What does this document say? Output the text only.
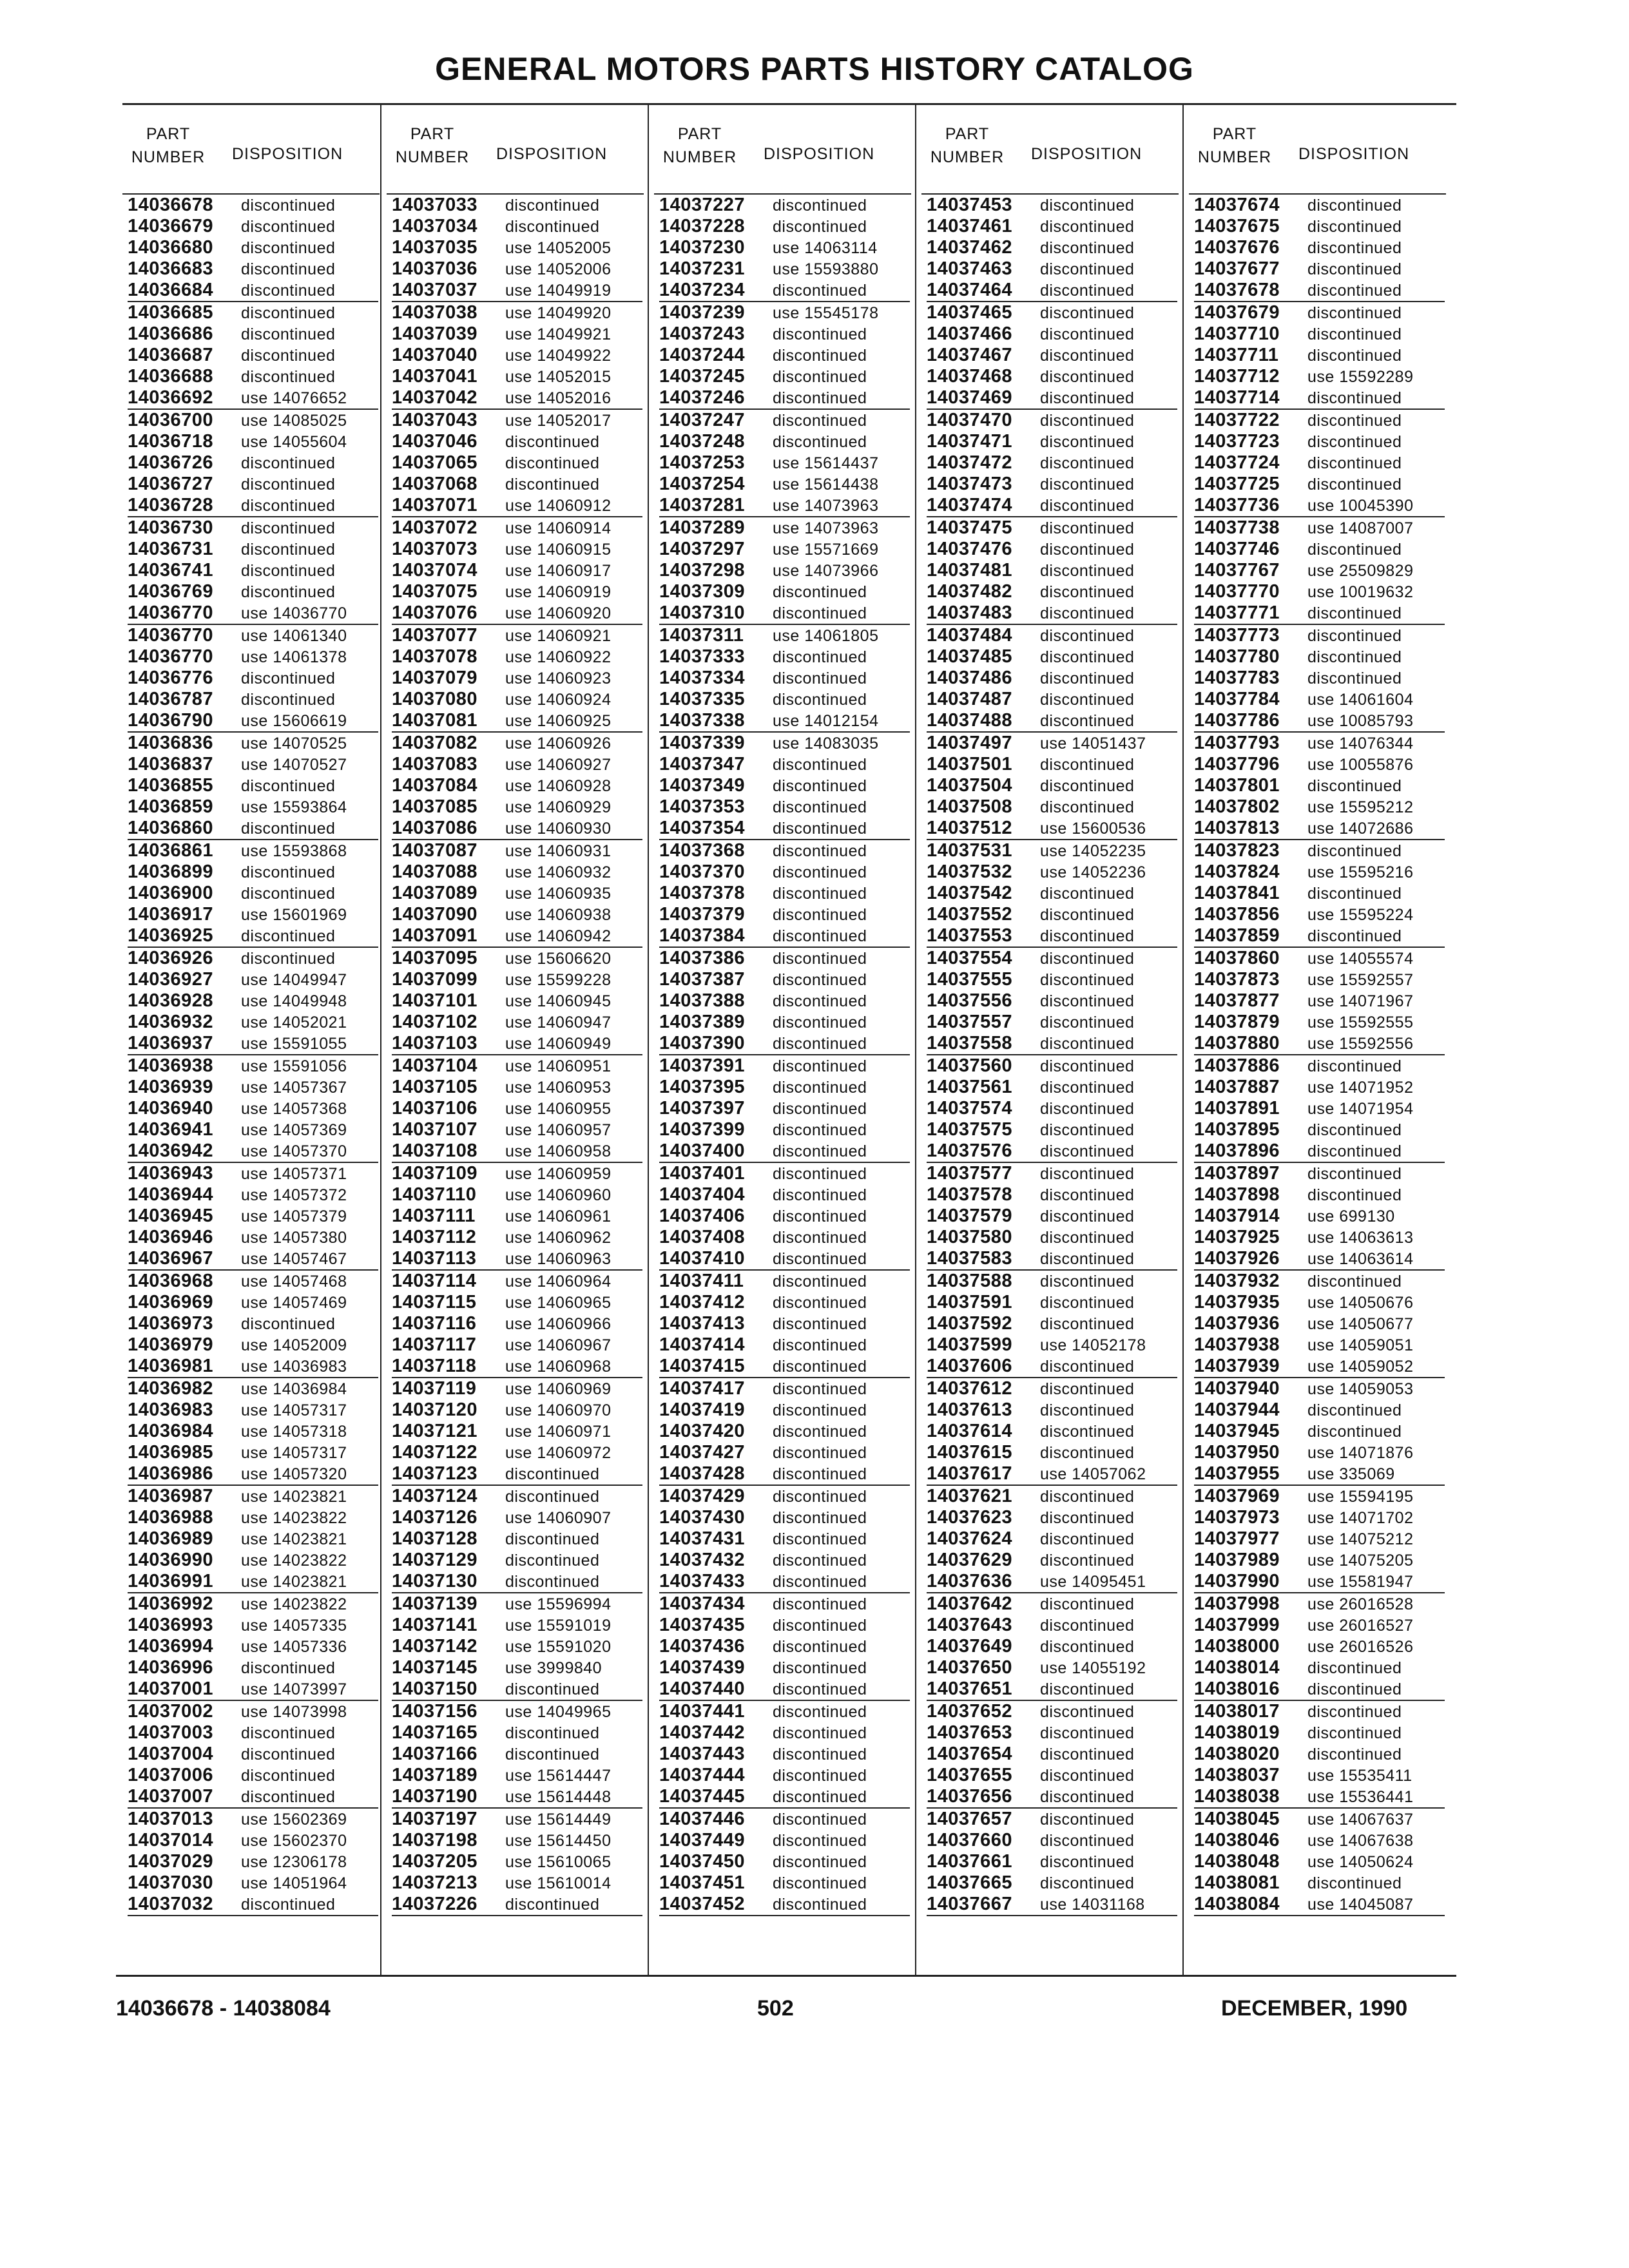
GENERAL MOTORS PARTS HISTORY CATALOG
PART
NUMBER	DISPOSITION
14036678 discontinued
14036679 discontinued
14036680 discontinued
14036683 discontinued
14036684 discontinued
14036685 discontinued
14036686 discontinued
14036687 discontinued
14036688 discontinued
14036692 use 14076652
14036700 use 14085025
14036718 use 14055604
14036726 discontinued
14036727 discontinued
14036728 discontinued
14036730 discontinued
14036731 discontinued
14036741 discontinued
14036769 discontinued
14036770 use 14036770
14036770 use 14061340
14036770 use 14061378
14036776 discontinued
14036787 discontinued
14036790 use 15606619
14036836 use 14070525
14036837 use 14070527
14036855 discontinued
14036859 use 15593864
14036860 discontinued
14036861 use 15593868
14036899 discontinued
14036900 discontinued
14036917 use 15601969
14036925 discontinued
14036926 discontinued
14036927 use 14049947
14036928 use 14049948
14036932 use 14052021
14036937 use 15591055
14036938 use 15591056
14036939 use 14057367
14036940 use 14057368
14036941 use 14057369
14036942 use 14057370
14036943 use 14057371
14036944 use 14057372
14036945 use 14057379
14036946 use 14057380
14036967 use 14057467
14036968 use 14057468
14036969 use 14057469
14036973 discontinued
14036979 use 14052009
14036981 use 14036983
14036982 use 14036984
14036983 use 14057317
14036984 use 14057318
14036985 use 14057317
14036986 use 14057320
14036987 use 14023821
14036988 use 14023822
14036989 use 14023821
14036990 use 14023822
14036991 use 14023821
14036992 use 14023822
14036993 use 14057335
14036994 use 14057336
14036996 discontinued
14037001 use 14073997
14037002 use 14073998
14037003 discontinued
14037004 discontinued
14037006 discontinued
14037007 discontinued
14037013 use 15602369
14037014 use 15602370
14037029 use 12306178
14037030 use 14051964
14037032 discontinued
PART
NUMBER	DISPOSITION
14037033 discontinued
14037034 discontinued
14037035 use 14052005
14037036 use 14052006
14037037 use 14049919
14037038 use 14049920
14037039 use 14049921
14037040 use 14049922
14037041 use 14052015
14037042 use 14052016
14037043 use 14052017
14037046 discontinued
14037065 discontinued
14037068 discontinued
14037071 use 14060912
14037072 use 14060914
14037073 use 14060915
14037074 use 14060917
14037075 use 14060919
14037076 use 14060920
14037077 use 14060921
14037078 use 14060922
14037079 use 14060923
14037080 use 14060924
14037081 use 14060925
14037082 use 14060926
14037083 use 14060927
14037084 use 14060928
14037085 use 14060929
14037086 use 14060930
14037087 use 14060931
14037088 use 14060932
14037089 use 14060935
14037090 use 14060938
14037091 use 14060942
14037095 use 15606620
14037099 use 15599228
14037101 use 14060945
14037102 use 14060947
14037103 use 14060949
14037104 use 14060951
14037105 use 14060953
14037106 use 14060955
14037107 use 14060957
14037108 use 14060958
14037109 use 14060959
14037110 use 14060960
14037111 use 14060961
14037112 use 14060962
14037113 use 14060963
14037114 use 14060964
14037115 use 14060965
14037116 use 14060966
14037117 use 14060967
14037118 use 14060968
14037119 use 14060969
14037120 use 14060970
14037121 use 14060971
14037122 use 14060972
14037123 discontinued
14037124 discontinued
14037126 use 14060907
14037128 discontinued
14037129 discontinued
14037130 discontinued
14037139 use 15596994
14037141 use 15591019
14037142 use 15591020
14037145 use 3999840
14037150 discontinued
14037156 use 14049965
14037165 discontinued
14037166 discontinued
14037189 use 15614447
14037190 use 15614448
14037197 use 15614449
14037198 use 15614450
14037205 use 15610065
14037213 use 15610014
14037226 discontinued
PART
NUMBER	DISPOSITION
14037227 discontinued
14037228 discontinued
14037230 use 14063114
14037231 use 15593880
14037234 discontinued
14037239 use 15545178
14037243 discontinued
14037244 discontinued
14037245 discontinued
14037246 discontinued
14037247 discontinued
14037248 discontinued
14037253 use 15614437
14037254 use 15614438
14037281 use 14073963
14037289 use 14073963
14037297 use 15571669
14037298 use 14073966
14037309 discontinued
14037310 discontinued
14037311 use 14061805
14037333 discontinued
14037334 discontinued
14037335 discontinued
14037338 use 14012154
14037339 use 14083035
14037347 discontinued
14037349 discontinued
14037353 discontinued
14037354 discontinued
14037368 discontinued
14037370 discontinued
14037378 discontinued
14037379 discontinued
14037384 discontinued
14037386 discontinued
14037387 discontinued
14037388 discontinued
14037389 discontinued
14037390 discontinued
14037391 discontinued
14037395 discontinued
14037397 discontinued
14037399 discontinued
14037400 discontinued
14037401 discontinued
14037404 discontinued
14037406 discontinued
14037408 discontinued
14037410 discontinued
14037411 discontinued
14037412 discontinued
14037413 discontinued
14037414 discontinued
14037415 discontinued
14037417 discontinued
14037419 discontinued
14037420 discontinued
14037427 discontinued
14037428 discontinued
14037429 discontinued
14037430 discontinued
14037431 discontinued
14037432 discontinued
14037433 discontinued
14037434 discontinued
14037435 discontinued
14037436 discontinued
14037439 discontinued
14037440 discontinued
14037441 discontinued
14037442 discontinued
14037443 discontinued
14037444 discontinued
14037445 discontinued
14037446 discontinued
14037449 discontinued
14037450 discontinued
14037451 discontinued
14037452 discontinued
PART
NUMBER	DISPOSITION
14037453 discontinued
14037461 discontinued
14037462 discontinued
14037463 discontinued
14037464 discontinued
14037465 discontinued
14037466 discontinued
14037467 discontinued
14037468 discontinued
14037469 discontinued
14037470 discontinued
14037471 discontinued
14037472 discontinued
14037473 discontinued
14037474 discontinued
14037475 discontinued
14037476 discontinued
14037481 discontinued
14037482 discontinued
14037483 discontinued
14037484 discontinued
14037485 discontinued
14037486 discontinued
14037487 discontinued
14037488 discontinued
14037497 use 14051437
14037501 discontinued
14037504 discontinued
14037508 discontinued
14037512 use 15600536
14037531 use 14052235
14037532 use 14052236
14037542 discontinued
14037552 discontinued
14037553 discontinued
14037554 discontinued
14037555 discontinued
14037556 discontinued
14037557 discontinued
14037558 discontinued
14037560 discontinued
14037561 discontinued
14037574 discontinued
14037575 discontinued
14037576 discontinued
14037577 discontinued
14037578 discontinued
14037579 discontinued
14037580 discontinued
14037583 discontinued
14037588 discontinued
14037591 discontinued
14037592 discontinued
14037599 use 14052178
14037606 discontinued
14037612 discontinued
14037613 discontinued
14037614 discontinued
14037615 discontinued
14037617 use 14057062
14037621 discontinued
14037623 discontinued
14037624 discontinued
14037629 discontinued
14037636 use 14095451
14037642 discontinued
14037643 discontinued
14037649 discontinued
14037650 use 14055192
14037651 discontinued
14037652 discontinued
14037653 discontinued
14037654 discontinued
14037655 discontinued
14037656 discontinued
14037657 discontinued
14037660 discontinued
14037661 discontinued
14037665 discontinued
14037667 use 14031168
PART
NUMBER	DISPOSITION
14037674 discontinued
14037675 discontinued
14037676 discontinued
14037677 discontinued
14037678 discontinued
14037679 discontinued
14037710 discontinued
14037711 discontinued
14037712 use 15592289
14037714 discontinued
14037722 discontinued
14037723 discontinued
14037724 discontinued
14037725 discontinued
14037736 use 10045390
14037738 use 14087007
14037746 discontinued
14037767 use 25509829
14037770 use 10019632
14037771 discontinued
14037773 discontinued
14037780 discontinued
14037783 discontinued
14037784 use 14061604
14037786 use 10085793
14037793 use 14076344
14037796 use 10055876
14037801 discontinued
14037802 use 15595212
14037813 use 14072686
14037823 discontinued
14037824 use 15595216
14037841 discontinued
14037856 use 15595224
14037859 discontinued
14037860 use 14055574
14037873 use 15592557
14037877 use 14071967
14037879 use 15592555
14037880 use 15592556
14037886 discontinued
14037887 use 14071952
14037891 use 14071954
14037895 discontinued
14037896 discontinued
14037897 discontinued
14037898 discontinued
14037914 use 699130
14037925 use 14063613
14037926 use 14063614
14037932 discontinued
14037935 use 14050676
14037936 use 14050677
14037938 use 14059051
14037939 use 14059052
14037940 use 14059053
14037944 discontinued
14037945 discontinued
14037950 use 14071876
14037955 use 335069
14037969 use 15594195
14037973 use 14071702
14037977 use 14075212
14037989 use 14075205
14037990 use 15581947
14037998 use 26016528
14037999 use 26016527
14038000 use 26016526
14038014 discontinued
14038016 discontinued
14038017 discontinued
14038019 discontinued
14038020 discontinued
14038037 use 15535411
14038038 use 15536441
14038045 use 14067637
14038046 use 14067638
14038048 use 14050624
14038081 discontinued
14038084 use 14045087
14036678 - 14038084	502	DECEMBER, 1990
